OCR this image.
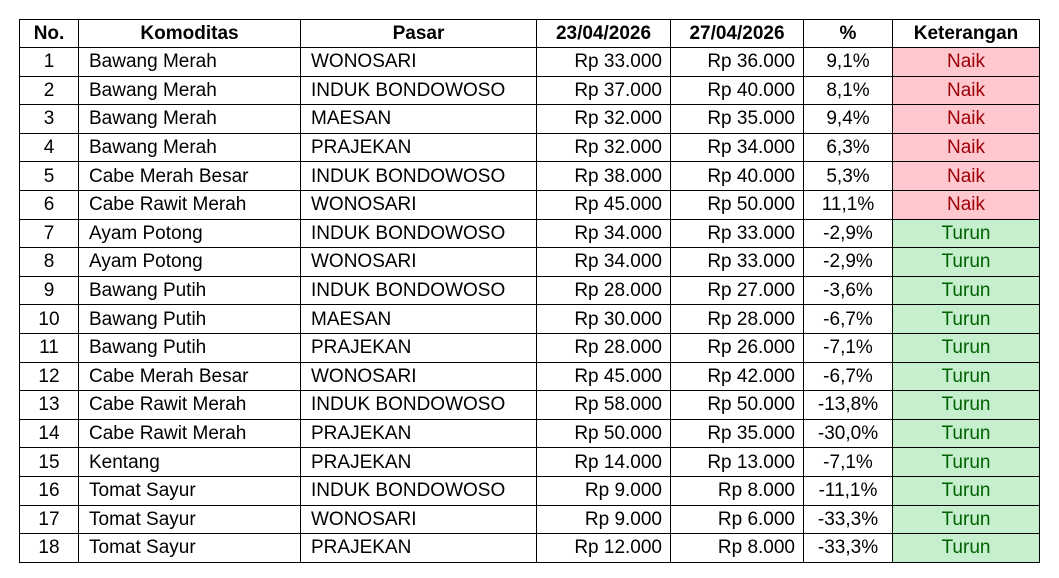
No.	Komoditas	Pasar	23/04/2026	27/04/2026	%	Keterangan
1	Bawang Merah	WONOSARI	Rp 33.000	Rp 36.000	9,1%	Naik
2	Bawang Merah	INDUK BONDOWOSO	Rp 37.000	Rp 40.000	8,1%	Naik
3	Bawang Merah	MAESAN	Rp 32.000	Rp 35.000	9,4%	Naik
4	Bawang Merah	PRAJEKAN	Rp 32.000	Rp 34.000	6,3%	Naik
5	Cabe Merah Besar	INDUK BONDOWOSO	Rp 38.000	Rp 40.000	5,3%	Naik
6	Cabe Rawit Merah	WONOSARI	Rp 45.000	Rp 50.000	11,1%	Naik
7	Ayam Potong	INDUK BONDOWOSO	Rp 34.000	Rp 33.000	-2,9%	Turun
8	Ayam Potong	WONOSARI	Rp 34.000	Rp 33.000	-2,9%	Turun
9	Bawang Putih	INDUK BONDOWOSO	Rp 28.000	Rp 27.000	-3,6%	Turun
10	Bawang Putih	MAESAN	Rp 30.000	Rp 28.000	-6,7%	Turun
11	Bawang Putih	PRAJEKAN	Rp 28.000	Rp 26.000	-7,1%	Turun
12	Cabe Merah Besar	WONOSARI	Rp 45.000	Rp 42.000	-6,7%	Turun
13	Cabe Rawit Merah	INDUK BONDOWOSO	Rp 58.000	Rp 50.000	-13,8%	Turun
14	Cabe Rawit Merah	PRAJEKAN	Rp 50.000	Rp 35.000	-30,0%	Turun
15	Kentang	PRAJEKAN	Rp 14.000	Rp 13.000	-7,1%	Turun
16	Tomat Sayur	INDUK BONDOWOSO	Rp 9.000	Rp 8.000	-11,1%	Turun
17	Tomat Sayur	WONOSARI	Rp 9.000	Rp 6.000	-33,3%	Turun
18	Tomat Sayur	PRAJEKAN	Rp 12.000	Rp 8.000	-33,3%	Turun
